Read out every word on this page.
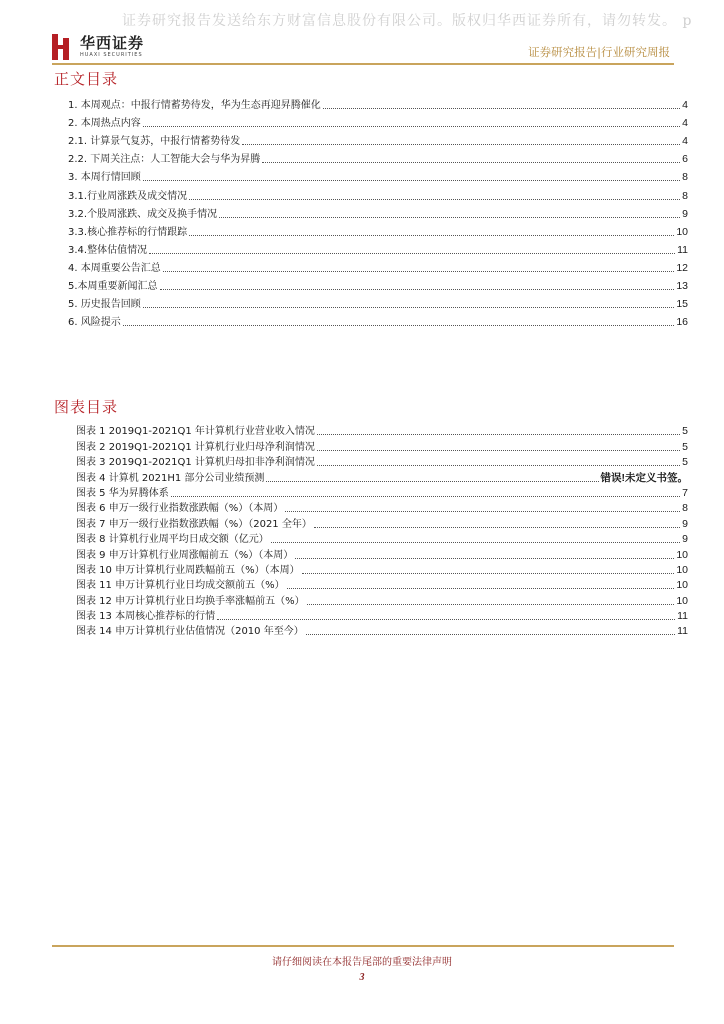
证券研究报告发送给东方财富信息股份有限公司。版权归华西证券所有，请勿转发。 p
华西证券
HUAXI SECURITIES	证券研究报告|行业研究周报
正文目录
1. 本周观点：中报行情蓄势待发，华为生态再迎昇腾催化	4
2. 本周热点内容	4
2.1. 计算景气复苏，中报行情蓄势待发	4
2.2. 下周关注点：人工智能大会与华为昇腾	6
3. 本周行情回顾	8
3.1.行业周涨跌及成交情况	8
3.2.个股周涨跌、成交及换手情况	9
3.3.核心推荐标的行情跟踪	10
3.4.整体估值情况	11
4. 本周重要公告汇总	12
5.本周重要新闻汇总	13
5. 历史报告回顾	15
6. 风险提示	16
图表目录
图表 1 2019Q1-2021Q1 年计算机行业营业收入情况	5
图表 2 2019Q1-2021Q1 计算机行业归母净利润情况	5
图表 3 2019Q1-2021Q1 计算机归母扣非净利润情况	5
图表 4 计算机 2021H1 部分公司业绩预测	错误!未定义书签。
图表 5 华为昇腾体系	7
图表 6 申万一级行业指数涨跌幅（%）（本周）	8
图表 7 申万一级行业指数涨跌幅（%）（2021 全年）	9
图表 8 计算机行业周平均日成交额（亿元）	9
图表 9 申万计算机行业周涨幅前五（%）（本周）	10
图表 10 申万计算机行业周跌幅前五（%）（本周）	10
图表 11 申万计算机行业日均成交额前五（%）	10
图表 12 申万计算机行业日均换手率涨幅前五（%）	10
图表 13 本周核心推荐标的行情	11
图表 14 申万计算机行业估值情况（2010 年至今）	11
请仔细阅读在本报告尾部的重要法律声明
3
